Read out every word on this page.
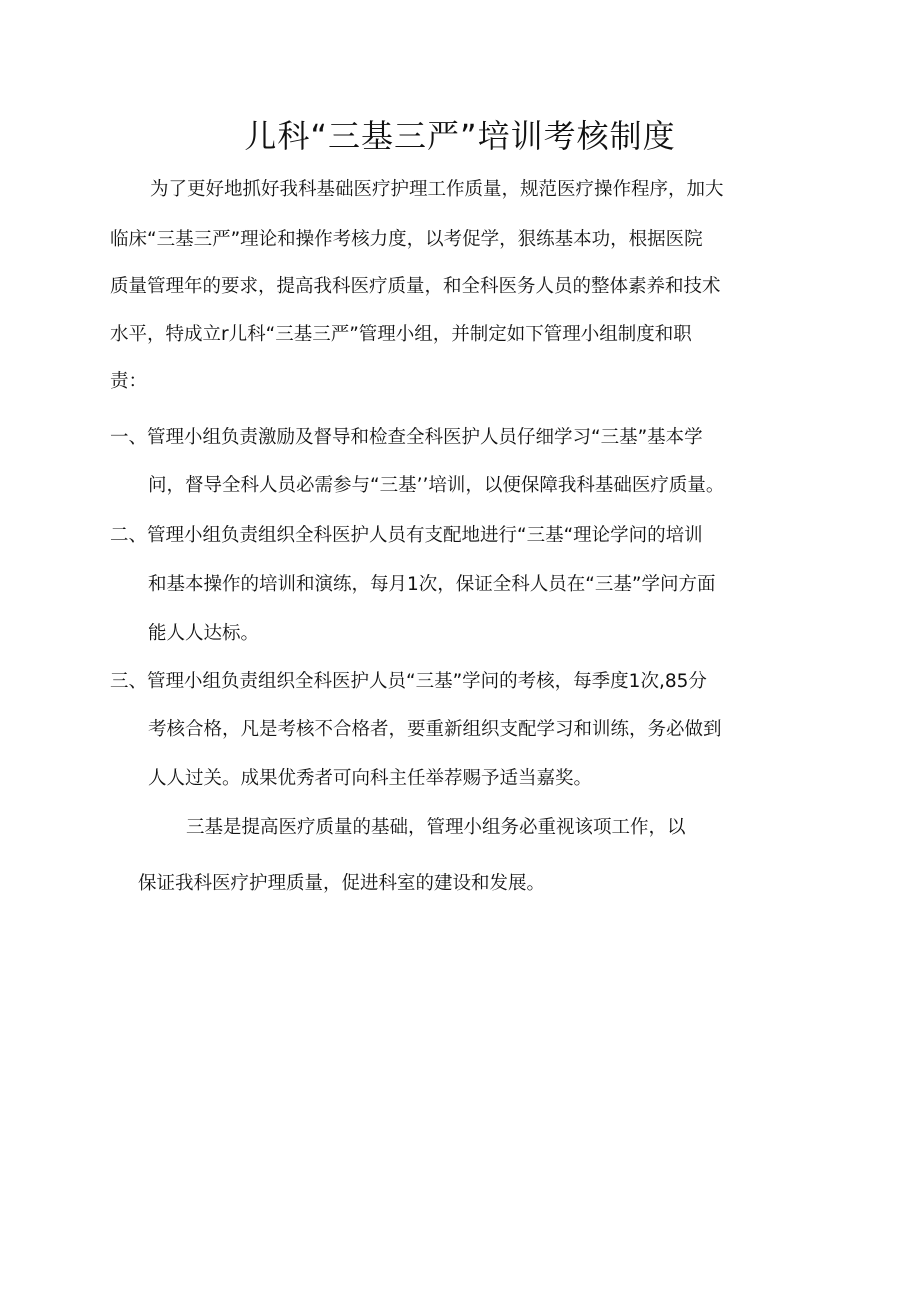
儿科“三基三严”培训考核制度

为了更好地抓好我科基础医疗护理工作质量，规范医疗操作程序，加大

临床“三基三严”理论和操作考核力度，以考促学，狠练基本功，根据医院

质量管理年的要求，提高我科医疗质量，和全科医务人员的整体素养和技术

水平，特成立r儿科“三基三严”管理小组，并制定如下管理小组制度和职

责：

一、管理小组负责激励及督导和检查全科医护人员仔细学习“三基”基本学

问，督导全科人员必需参与“三基’’培训，以便保障我科基础医疗质量。

二、管理小组负责组织全科医护人员有支配地进行“三基“理论学问的培训

和基本操作的培训和演练，每月1次，保证全科人员在“三基”学问方面

能人人达标。

三、管理小组负责组织全科医护人员“三基”学问的考核，每季度1次,85分

考核合格，凡是考核不合格者，要重新组织支配学习和训练，务必做到

人人过关。成果优秀者可向科主任举荐赐予适当嘉奖。

三基是提高医疗质量的基础，管理小组务必重视该项工作，以

保证我科医疗护理质量，促进科室的建设和发展。
